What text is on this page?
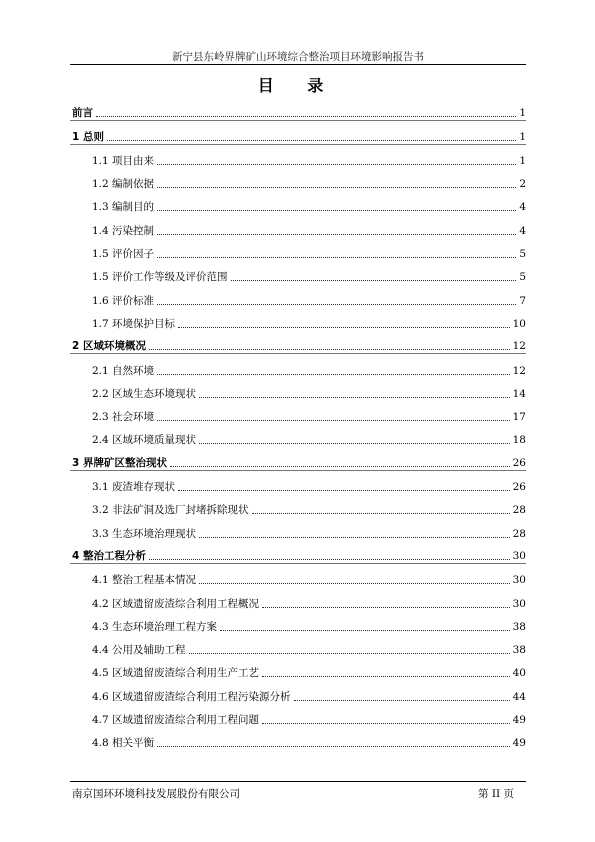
新宁县东岭界牌矿山环境综合整治项目环境影响报告书
目 录
前言	1
1 总则	1
1.1 项目由来	1
1.2 编制依据	2
1.3 编制目的	4
1.4 污染控制	4
1.5 评价因子	5
1.5 评价工作等级及评价范围	5
1.6 评价标准	7
1.7 环境保护目标	10
2 区域环境概况	12
2.1 自然环境	12
2.2 区域生态环境现状	14
2.3 社会环境	17
2.4 区域环境质量现状	18
3 界牌矿区整治现状	26
3.1 废渣堆存现状	26
3.2 非法矿洞及选厂封堵拆除现状	28
3.3 生态环境治理现状	28
4 整治工程分析	30
4.1 整治工程基本情况	30
4.2 区域遗留废渣综合利用工程概况	30
4.3 生态环境治理工程方案	38
4.4 公用及辅助工程	38
4.5 区域遗留废渣综合利用生产工艺	40
4.6 区域遗留废渣综合利用工程污染源分析	44
4.7 区域遗留废渣综合利用工程问题	49
4.8 相关平衡	49
南京国环环境科技发展股份有限公司	第 II 页
